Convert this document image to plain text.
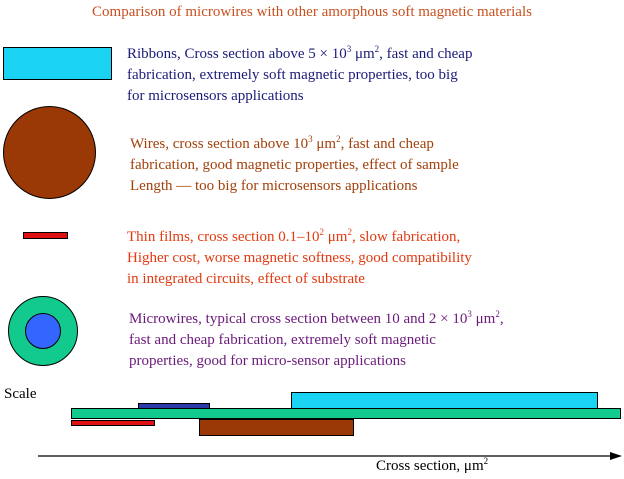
Comparison of microwires with other amorphous soft magnetic materials
Ribbons, Cross section above $5 \times 10^3$ $\mu m^2$, fast and cheap
fabrication, extremely soft magnetic properties, too big
for microsensors applications
Wires, cross section above $10^3$ $\mu m^2$, fast and cheap
fabrication, good magnetic properties, effect of sample
Length — too big for microsensors applications
Thin films, cross section $0.1-10^2$ $\mu m^2$, slow fabrication,
Higher cost, worse magnetic softness, good compatibility
in integrated circuits, effect of substrate
Microwires, typical cross section between 10 and $2 \times 10^3$ $\mu m^2$,
fast and cheap fabrication, extremely soft magnetic
properties, good for micro-sensor applications
Scale
Cross section, $\mu m^2$
